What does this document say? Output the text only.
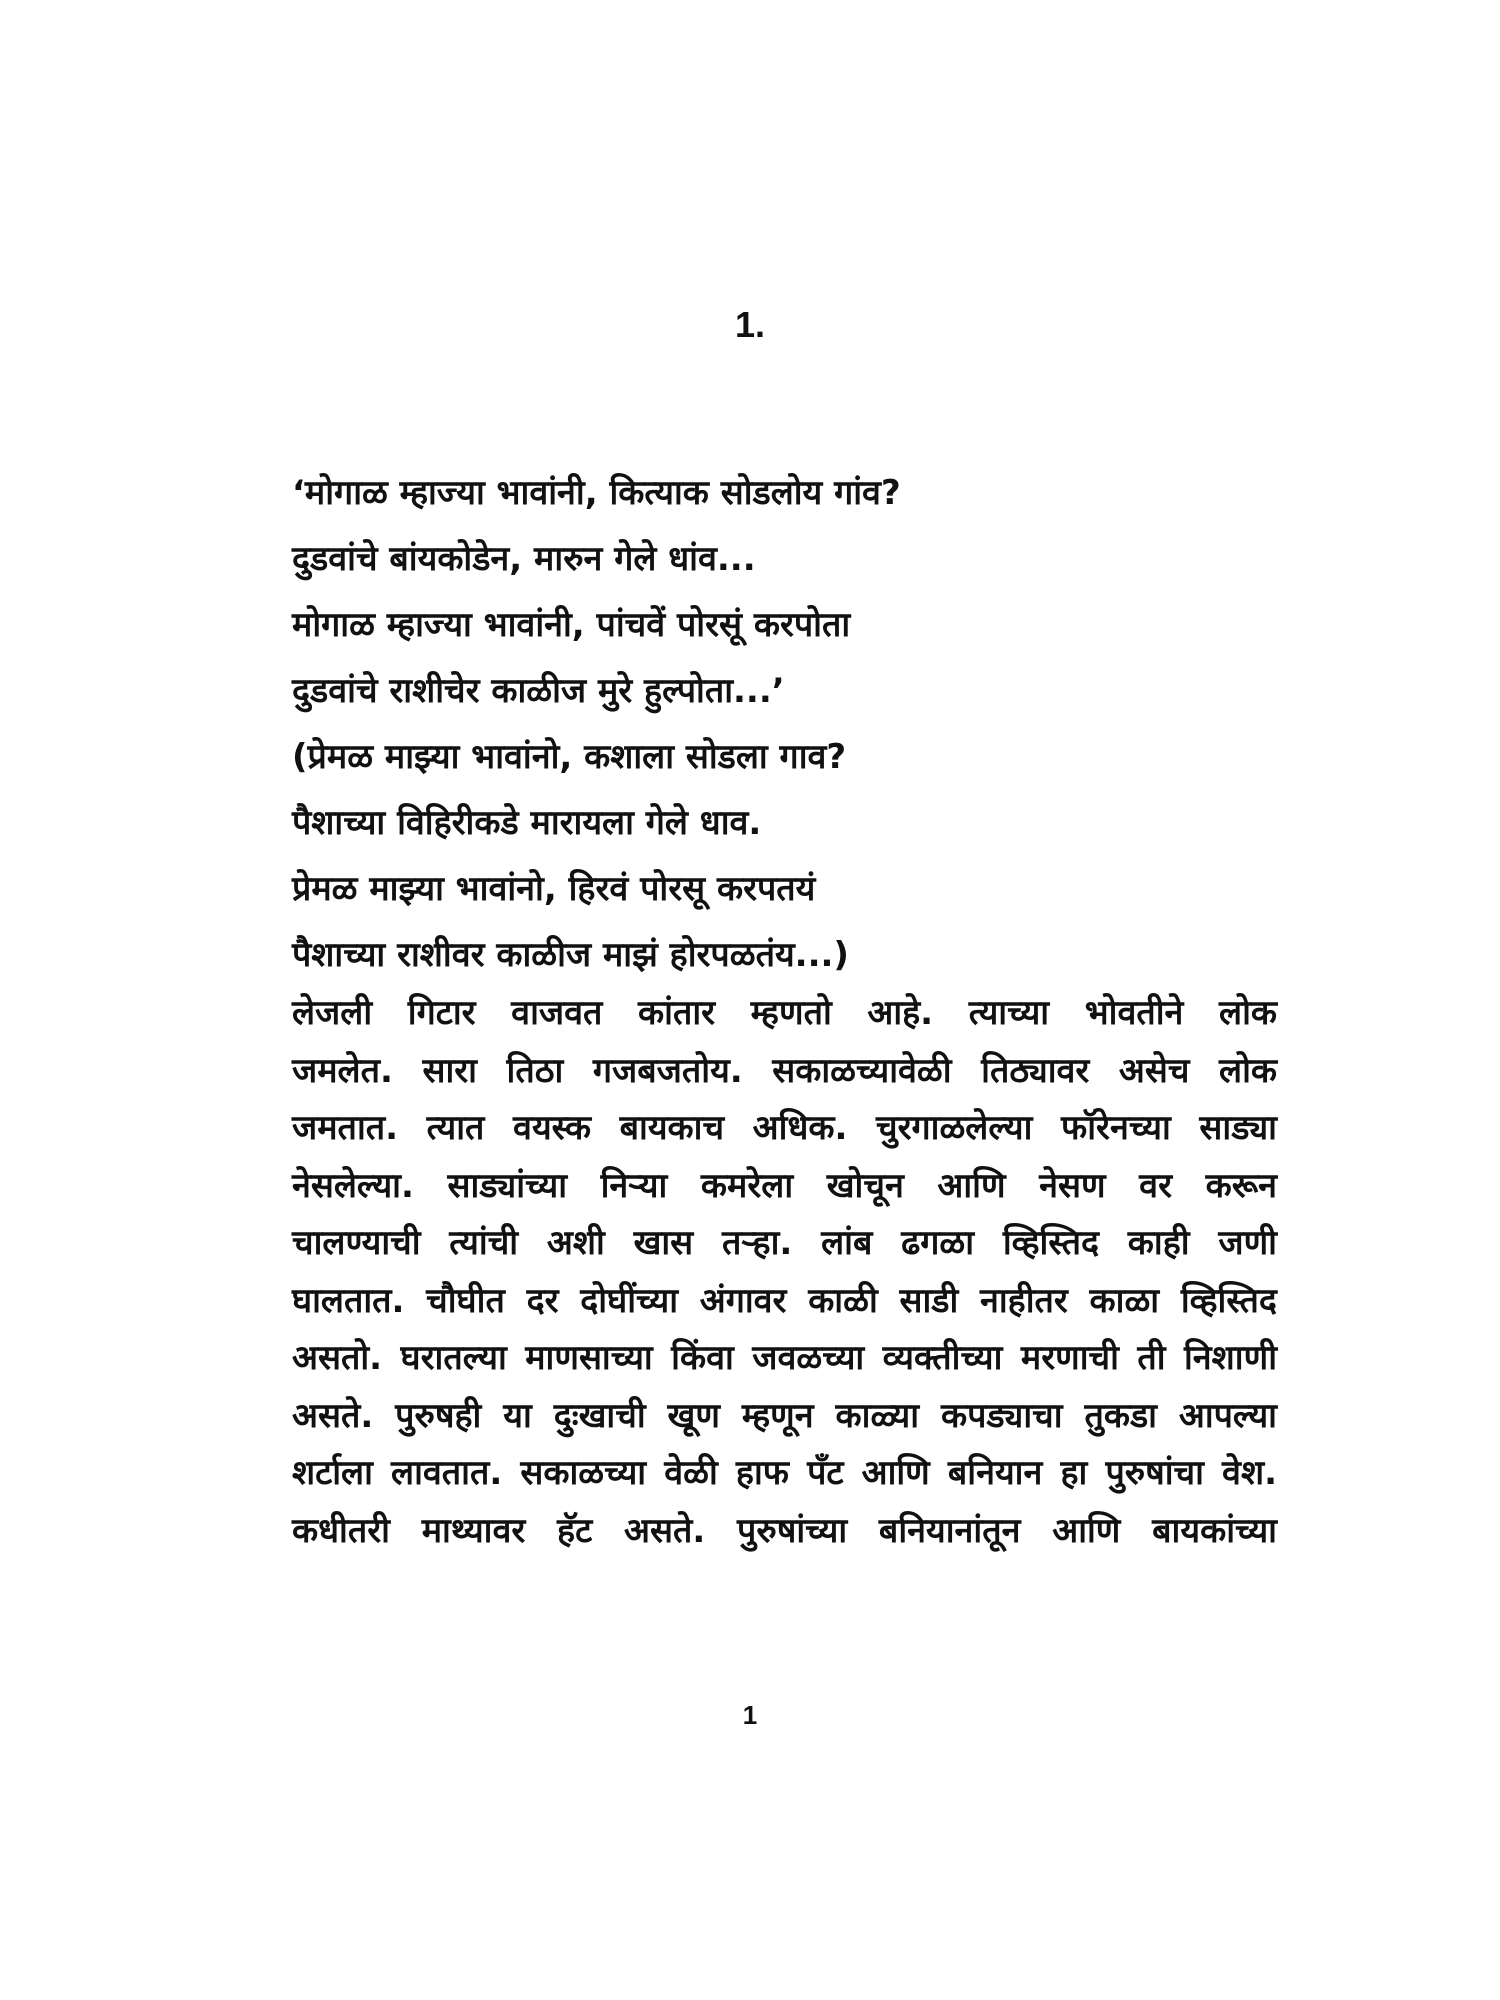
1.
‘मोगाळ म्हाज्या भावांनी, कित्याक सोडलोय गांव?
दुडवांचे बांयकोडेन, मारुन गेले धांव...
मोगाळ म्हाज्या भावांनी, पांचवें पोरसूं करपोता
दुडवांचे राशीचेर काळीज मुरे हुल्पोता...’
(प्रेमळ माझ्या भावांनो, कशाला सोडला गाव?
पैशाच्या विहिरीकडे मारायला गेले धाव.
प्रेमळ माझ्या भावांनो, हिरवं पोरसू करपतयं
पैशाच्या राशीवर काळीज माझं होरपळतंय...)
लेजली गिटार वाजवत कांतार म्हणतो आहे. त्याच्या भोवतीने लोक
जमलेत. सारा तिठा गजबजतोय. सकाळच्यावेळी तिठ्यावर असेच लोक
जमतात. त्यात वयस्क बायकाच अधिक. चुरगाळलेल्या फॉरेनच्या साड्या
नेसलेल्या. साड्यांच्या निऱ्या कमरेला खोचून आणि नेसण वर करून
चालण्याची त्यांची अशी खास तऱ्हा. लांब ढगळा व्हिस्तिद काही जणी
घालतात. चौघीत दर दोघींच्या अंगावर काळी साडी नाहीतर काळा व्हिस्तिद
असतो. घरातल्या माणसाच्या किंवा जवळच्या व्यक्तीच्या मरणाची ती निशाणी
असते. पुरुषही या दुःखाची खूण म्हणून काळ्या कपड्याचा तुकडा आपल्या
शर्टाला लावतात. सकाळच्या वेळी हाफ पँट आणि बनियान हा पुरुषांचा वेश.
कधीतरी माथ्यावर हॅट असते. पुरुषांच्या बनियानांतून आणि बायकांच्या
1
